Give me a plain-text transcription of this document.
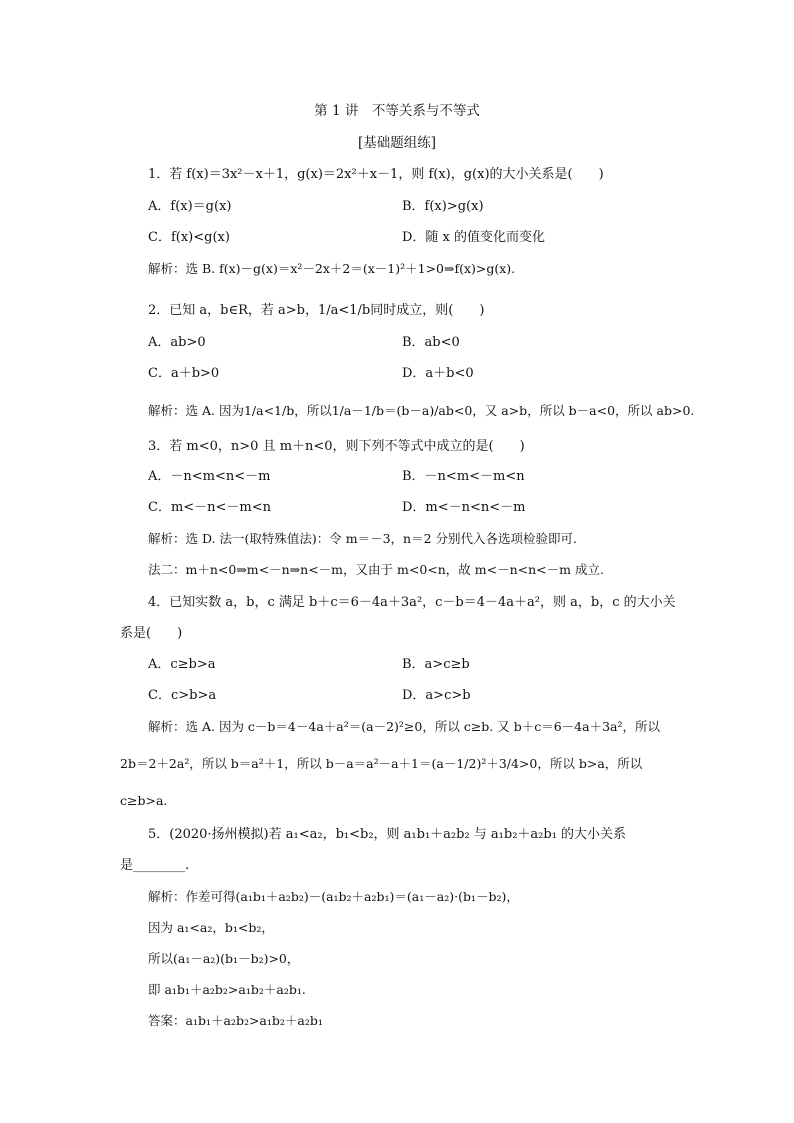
第 1 讲　不等关系与不等式
[基础题组练]
1．若 f(x)＝3x²－x＋1，g(x)＝2x²＋x－1，则 f(x)，g(x)的大小关系是(　　)
A．f(x)＝g(x)	B．f(x)>g(x)
C．f(x)<g(x)	D．随 x 的值变化而变化
解析：选 B. f(x)－g(x)＝x²－2x＋2＝(x－1)²＋1>0⇒f(x)>g(x).
2．已知 a，b∈R，若 a>b，1/a<1/b同时成立，则(　　)
A．ab>0	B．ab<0
C．a＋b>0	D．a＋b<0
解析：选 A. 因为1/a<1/b，所以1/a－1/b＝(b－a)/ab<0，又 a>b，所以 b－a<0，所以 ab>0.
3．若 m<0，n>0 且 m＋n<0，则下列不等式中成立的是(　　)
A．－n<m<n<－m	B．－n<m<－m<n
C．m<－n<－m<n	D．m<－n<n<－m
解析：选 D. 法一(取特殊值法)：令 m＝－3，n＝2 分别代入各选项检验即可.
法二：m＋n<0⇒m<－n⇒n<－m，又由于 m<0<n，故 m<－n<n<－m 成立.
4．已知实数 a，b，c 满足 b＋c＝6－4a＋3a²，c－b＝4－4a＋a²，则 a，b，c 的大小关
系是(　　)
A．c≥b>a	B．a>c≥b
C．c>b>a	D．a>c>b
解析：选 A. 因为 c－b＝4－4a＋a²＝(a－2)²≥0，所以 c≥b. 又 b＋c＝6－4a＋3a²，所以
2b＝2＋2a²，所以 b＝a²＋1，所以 b－a＝a²－a＋1＝(a－1/2)²＋3/4>0，所以 b>a，所以
c≥b>a.
5．(2020·扬州模拟)若 a₁<a₂，b₁<b₂，则 a₁b₁＋a₂b₂ 与 a₁b₂＋a₂b₁ 的大小关系
是________.
解析：作差可得(a₁b₁＋a₂b₂)－(a₁b₂＋a₂b₁)＝(a₁－a₂)·(b₁－b₂)，
因为 a₁<a₂，b₁<b₂，
所以(a₁－a₂)(b₁－b₂)>0，
即 a₁b₁＋a₂b₂>a₁b₂＋a₂b₁.
答案：a₁b₁＋a₂b₂>a₁b₂＋a₂b₁
